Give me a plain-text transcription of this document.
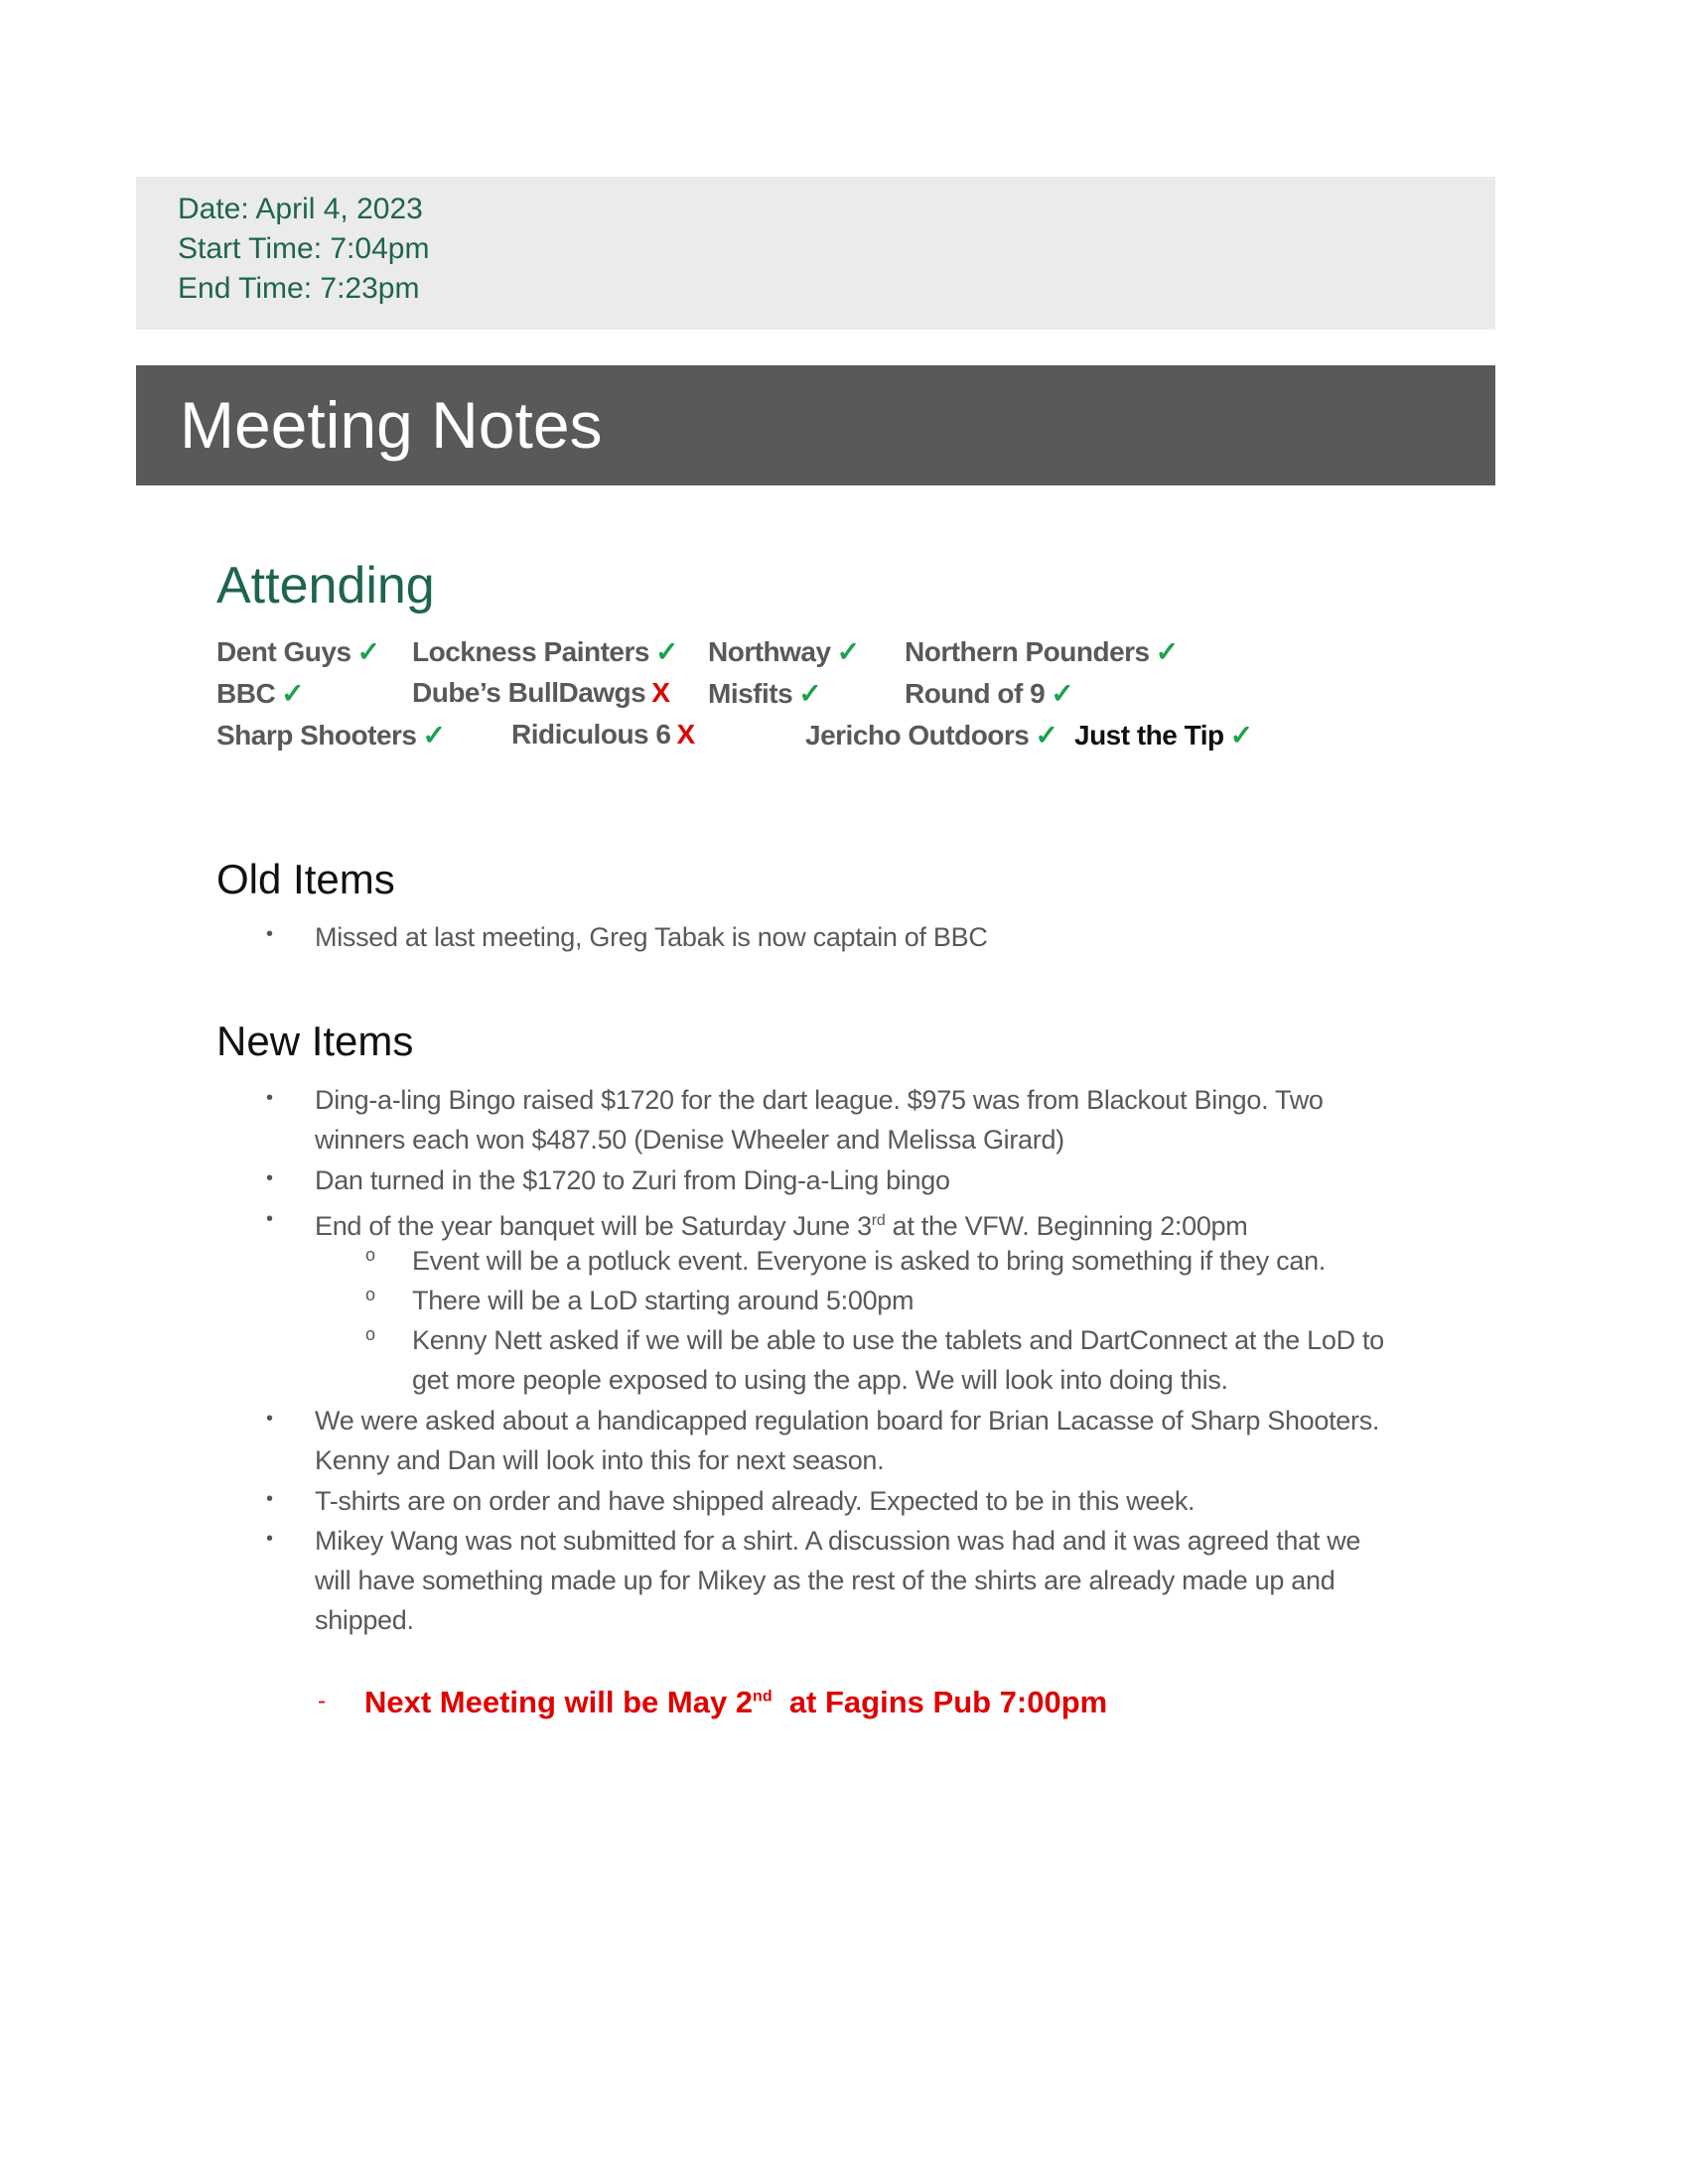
Date: April 4, 2023
Start Time: 7:04pm
End Time: 7:23pm
Meeting Notes
Attending
Dent Guys ✓ Lockness Painters ✓ Northway ✓ Northern Pounders ✓
BBC ✓	Dube’s BullDawgs X Misfits ✓	Round of 9 ✓
Sharp Shooters ✓ Ridiculous 6 X	Jericho Outdoors ✓ Just the Tip ✓
Old Items
• Missed at last meeting, Greg Tabak is now captain of BBC
New Items
• Ding-a-ling Bingo raised $1720 for the dart league. $975 was from Blackout Bingo. Two
winners each won $487.50 (Denise Wheeler and Melissa Girard)
• Dan turned in the $1720 to Zuri from Ding-a-Ling bingo
• End of the year banquet will be Saturday June 3rd at the VFW. Beginning 2:00pm
o Event will be a potluck event. Everyone is asked to bring something if they can.
o There will be a LoD starting around 5:00pm
o Kenny Nett asked if we will be able to use the tablets and DartConnect at the LoD to
get more people exposed to using the app. We will look into doing this.
• We were asked about a handicapped regulation board for Brian Lacasse of Sharp Shooters.
Kenny and Dan will look into this for next season.
• T-shirts are on order and have shipped already. Expected to be in this week.
• Mikey Wang was not submitted for a shirt. A discussion was had and it was agreed that we
will have something made up for Mikey as the rest of the shirts are already made up and
shipped.
- Next Meeting will be May 2nd  at Fagins Pub 7:00pm
